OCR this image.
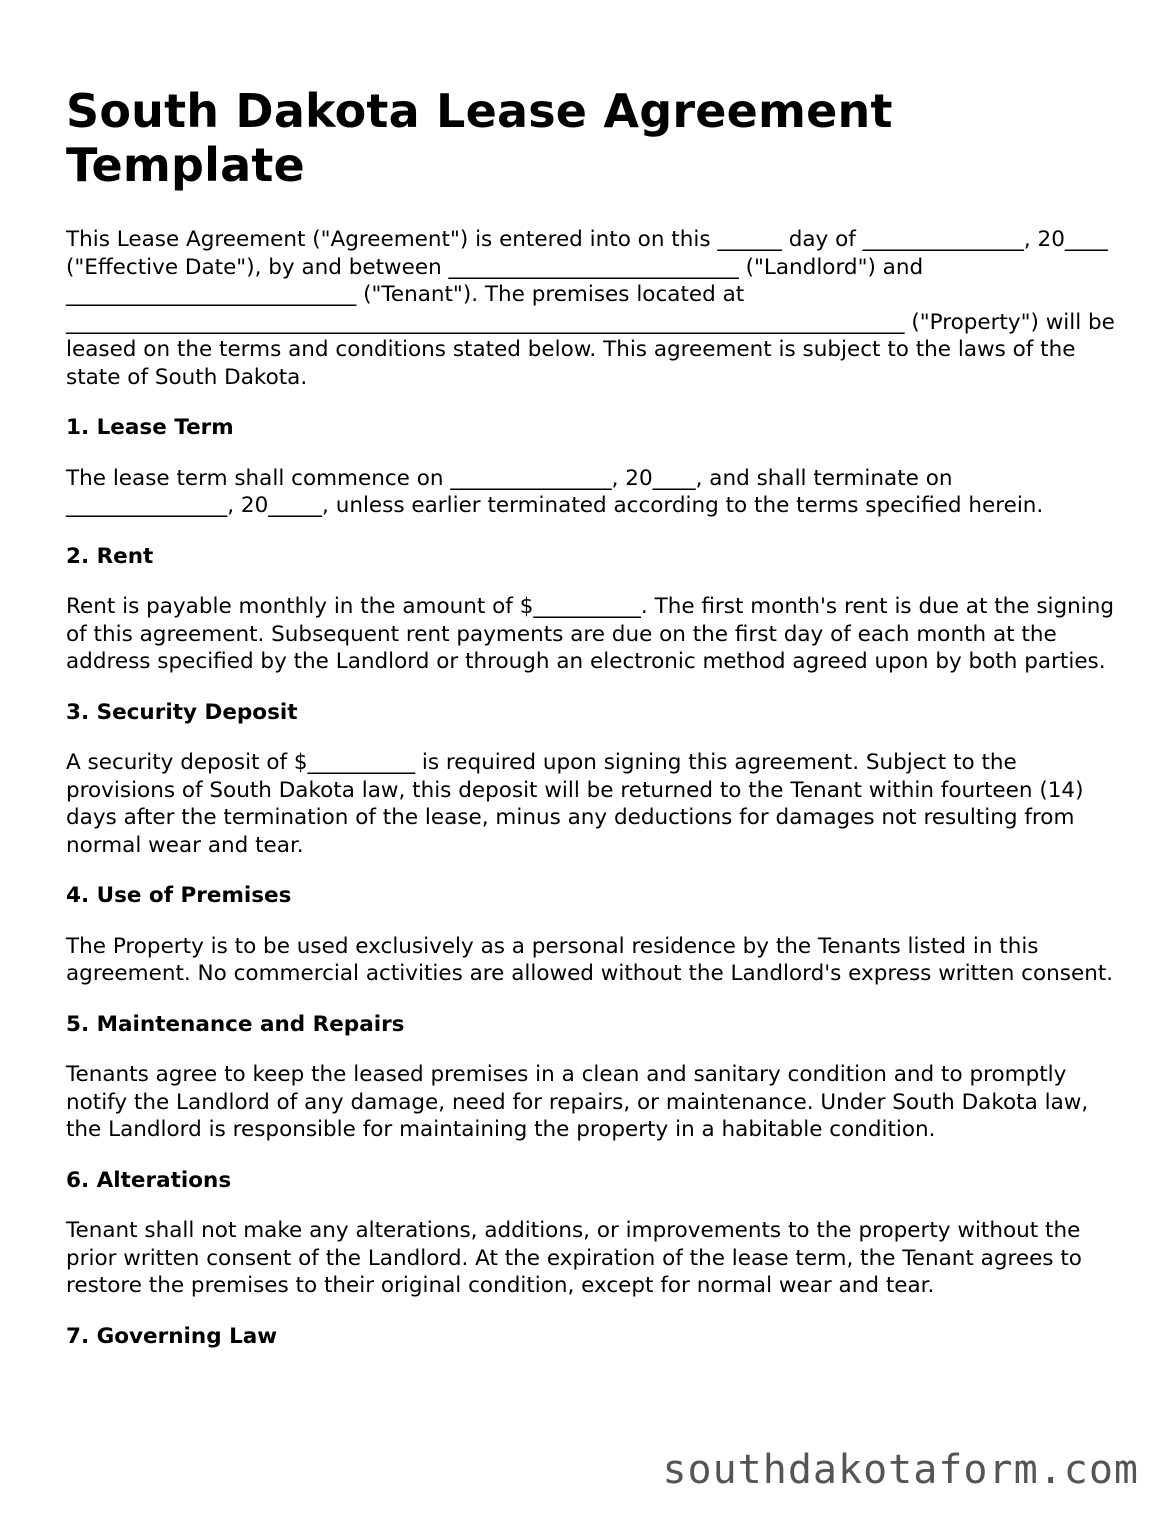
South Dakota Lease Agreement Template

This Lease Agreement ("Agreement") is entered into on this ______ day of _______________, 20____ ("Effective Date"), by and between ___________________________ ("Landlord") and ___________________________ ("Tenant"). The premises located at ______________________________________________________________________________ ("Property") will be leased on the terms and conditions stated below. This agreement is subject to the laws of the state of South Dakota.

1. Lease Term

The lease term shall commence on _______________, 20____, and shall terminate on _______________, 20_____, unless earlier terminated according to the terms specified herein.

2. Rent

Rent is payable monthly in the amount of $__________. The first month's rent is due at the signing of this agreement. Subsequent rent payments are due on the first day of each month at the address specified by the Landlord or through an electronic method agreed upon by both parties.

3. Security Deposit

A security deposit of $__________ is required upon signing this agreement. Subject to the provisions of South Dakota law, this deposit will be returned to the Tenant within fourteen (14) days after the termination of the lease, minus any deductions for damages not resulting from normal wear and tear.

4. Use of Premises

The Property is to be used exclusively as a personal residence by the Tenants listed in this agreement. No commercial activities are allowed without the Landlord's express written consent.

5. Maintenance and Repairs

Tenants agree to keep the leased premises in a clean and sanitary condition and to promptly notify the Landlord of any damage, need for repairs, or maintenance. Under South Dakota law, the Landlord is responsible for maintaining the property in a habitable condition.

6. Alterations

Tenant shall not make any alterations, additions, or improvements to the property without the prior written consent of the Landlord. At the expiration of the lease term, the Tenant agrees to restore the premises to their original condition, except for normal wear and tear.

7. Governing Law
southdakotaform.com
